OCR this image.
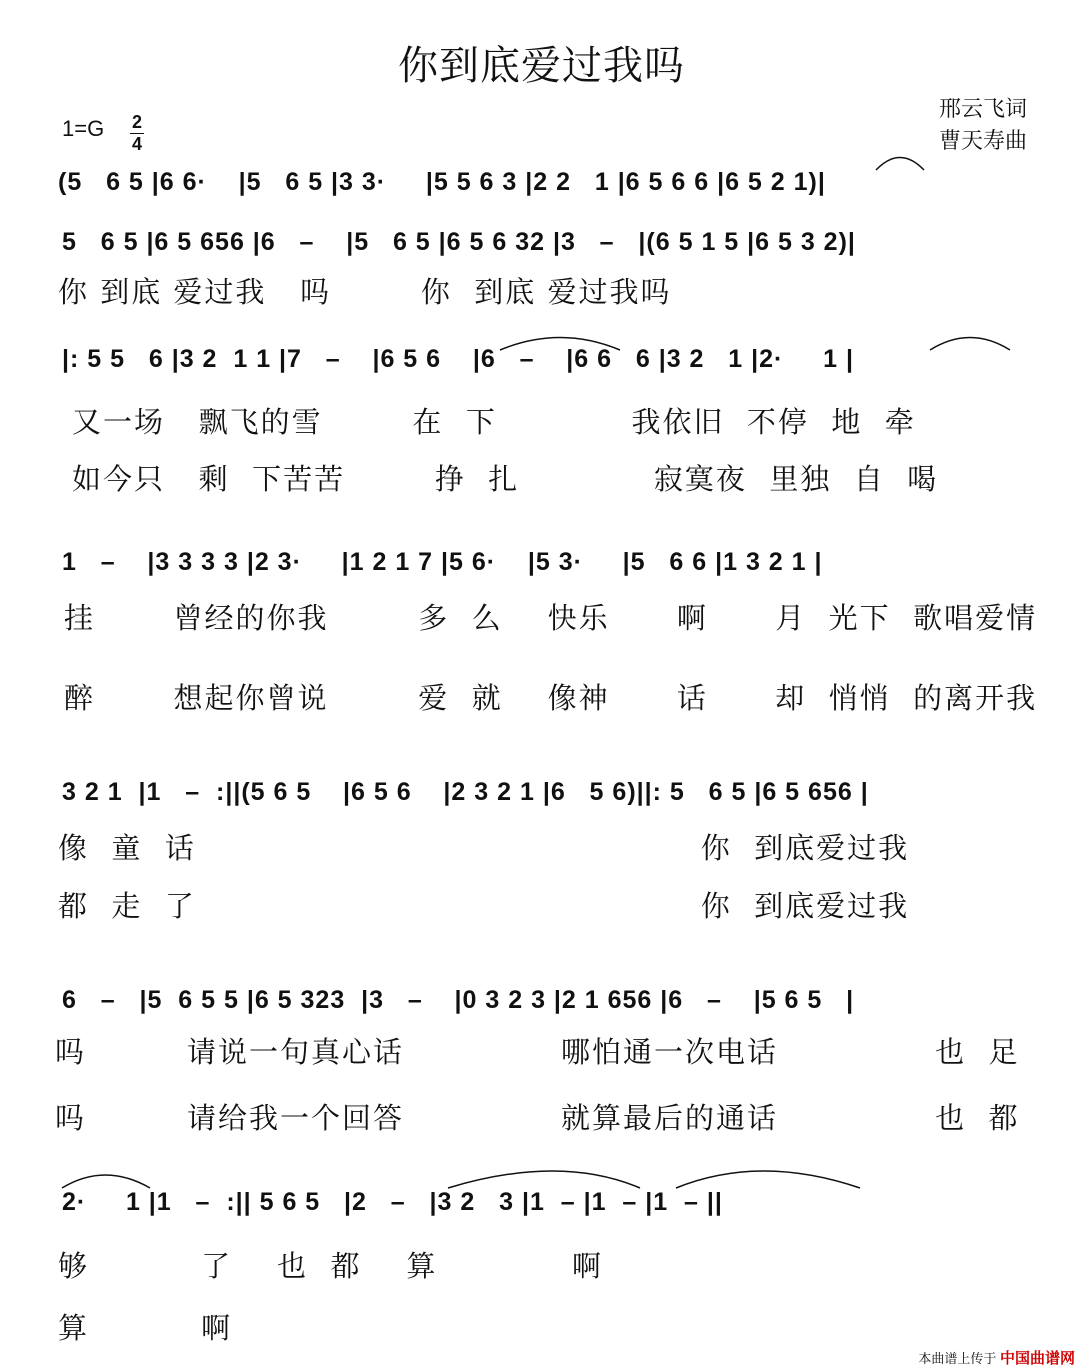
你到底爱过我吗
邢云飞词
曹天寿曲
1=G 2
4
(5   6 5 |6 6·    |5   6 5 |3 3·     |5 5 6 3 |2 2   1 |6 5 6 6 |6 5 2 1)|
5   6 5 |6 5 656 |6   –    |5   6 5 |6 5 6 32 |3   –   |(6 5 1 5 |6 5 3 2)|
你 到底 爱过我   吗        你  到底 爱过我吗
|: 5 5   6 |3 2  1 1 |7   –    |6 5 6    |6   –    |6 6   6 |3 2   1 |2·     1 |
又一场   飘飞的雪        在  下            我依旧  不停  地  牵
如今只   剩  下苦苦        挣  扎            寂寞夜  里独  自  喝
1   –    |3 3 3 3 |2 3·     |1 2 1 7 |5 6·    |5 3·     |5   6 6 |1 3 2 1 |
挂       曾经的你我        多  么    快乐      啊      月  光下  歌唱爱情
醉       想起你曾说        爱  就    像神      话      却  悄悄  的离开我
3 2 1  |1   –  :||(5 6 5    |6 5 6    |2 3 2 1 |6   5 6)||: 5   6 5 |6 5 656 |
像  童  话                                             你  到底爱过我
都  走  了                                             你  到底爱过我
6   –   |5  6 5 5 |6 5 323  |3   –    |0 3 2 3 |2 1 656 |6   –    |5 6 5   |
吗         请说一句真心话              哪怕通一次电话              也  足
吗         请给我一个回答              就算最后的通话              也  都
2·     1 |1   –  :|| 5 6 5   |2   –   |3 2   3 |1  – |1  – |1  – ||
够          了    也  都    算            啊
算          啊
本曲谱上传于 中国曲谱网
